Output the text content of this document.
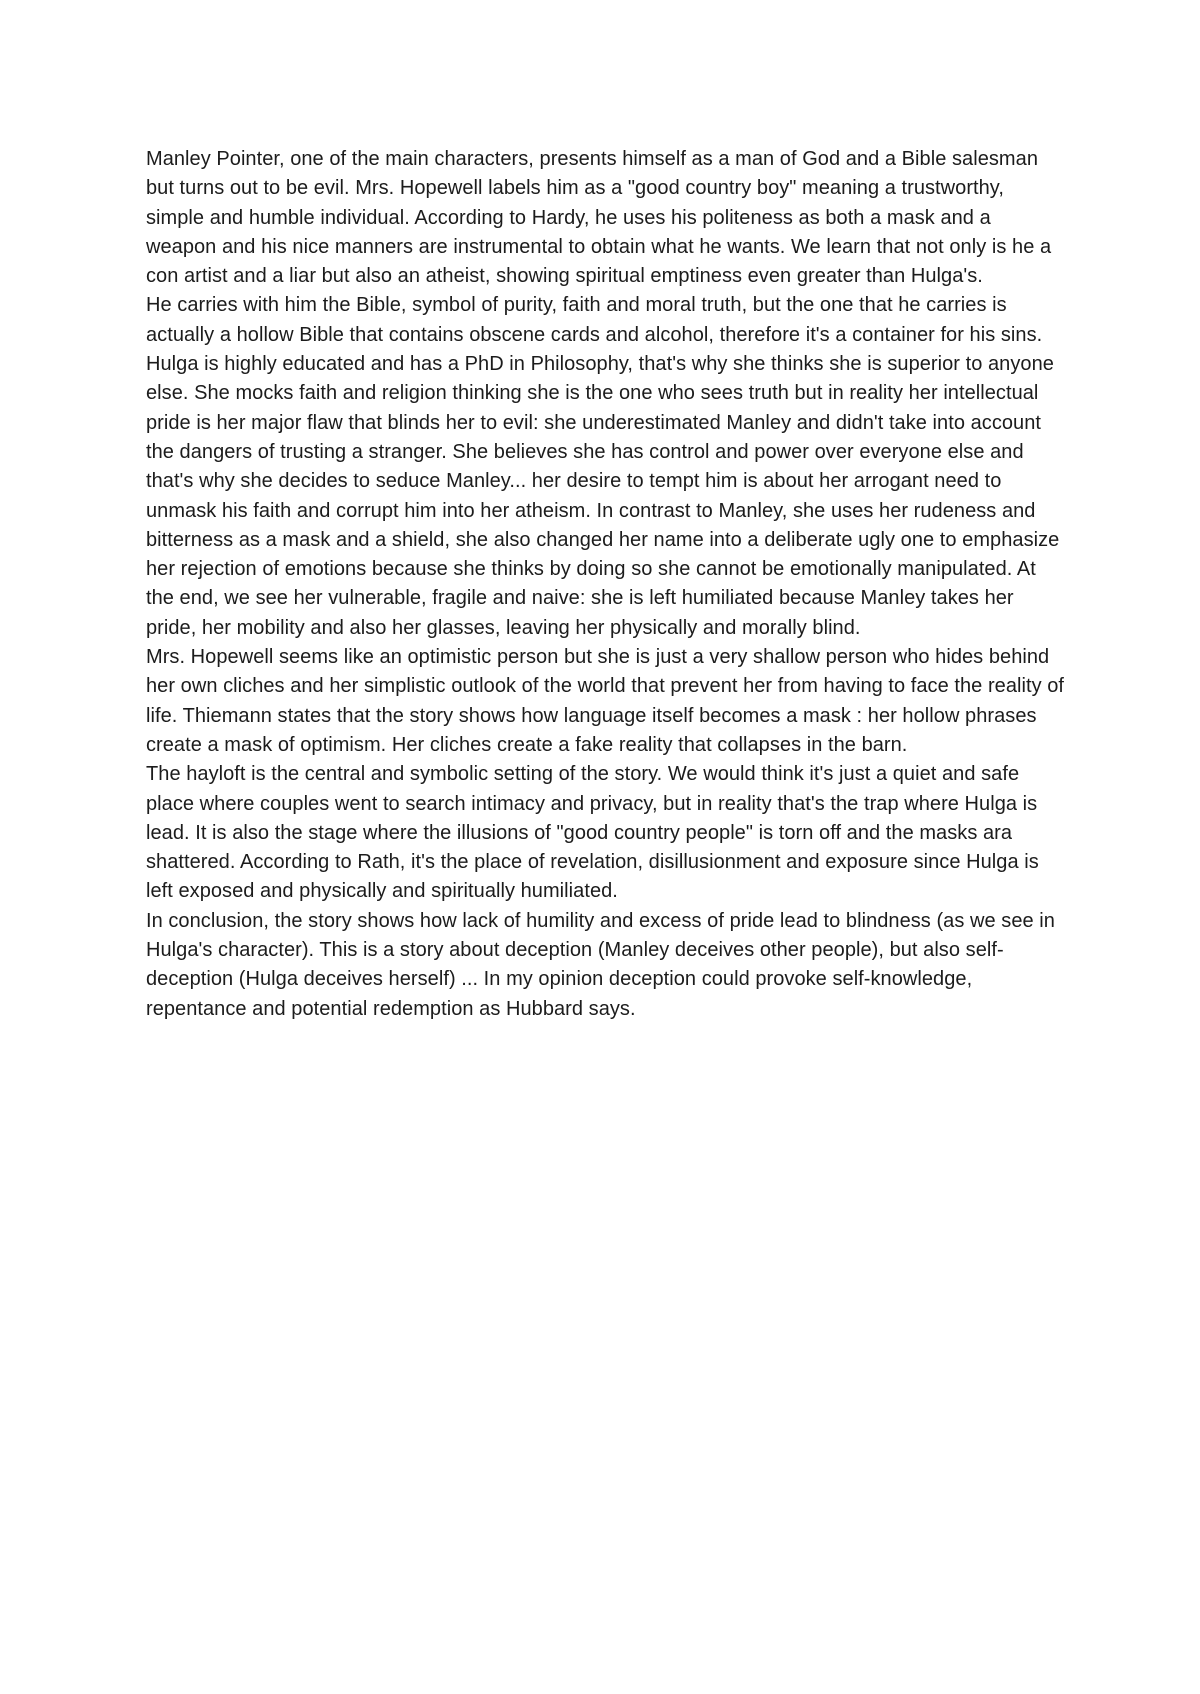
Manley Pointer, one of the main characters, presents himself as a man of God and a Bible salesman but turns out to be evil. Mrs. Hopewell labels him as a "good country boy" meaning a trustworthy, simple and humble individual. According to Hardy, he uses his politeness as both a mask and a weapon and his nice manners are instrumental to obtain what he wants. We learn that not only is he a con artist and a liar but also an atheist, showing spiritual emptiness even greater than Hulga's.

He carries with him the Bible, symbol of purity, faith and moral truth, but the one that he carries is actually a hollow Bible that contains obscene cards and alcohol, therefore it's a container for his sins.

Hulga is highly educated and has a PhD in Philosophy, that's why she thinks she is superior to anyone else. She mocks faith and religion thinking she is the one who sees truth but in reality her intellectual pride is her major flaw that blinds her to evil: she underestimated Manley and didn't take into account the dangers of trusting a stranger. She believes she has control and power over everyone else and that's why she decides to seduce Manley... her desire to tempt him is about her arrogant need to unmask his faith and corrupt him into her atheism. In contrast to Manley, she uses her rudeness and bitterness as a mask and a shield, she also changed her name into a deliberate ugly one to emphasize her rejection of emotions because she thinks by doing so she cannot be emotionally manipulated. At the end, we see her vulnerable, fragile and naive: she is left humiliated because Manley takes her pride, her mobility and also her glasses, leaving her physically and morally blind.

Mrs. Hopewell seems like an optimistic person but she is just a very shallow person who hides behind her own cliches and her simplistic outlook of the world that prevent her from having to face the reality of life. Thiemann states that the story shows how language itself becomes a mask : her hollow phrases create a mask of optimism. Her cliches create a fake reality that collapses in the barn.

The hayloft is the central and symbolic setting of the story. We would think it's just a quiet and safe place where couples went to search intimacy and privacy, but in reality that's the trap where Hulga is lead. It is also the stage where the illusions of "good country people" is torn off and the masks ara shattered. According to Rath, it's the place of revelation, disillusionment and exposure since Hulga is left exposed and physically and spiritually humiliated.

In conclusion, the story shows how lack of humility and excess of pride lead to blindness (as we see in Hulga's character). This is a story about deception (Manley deceives other people), but also self-deception (Hulga deceives herself) ... In my opinion deception could provoke self-knowledge, repentance and potential redemption as Hubbard says.
